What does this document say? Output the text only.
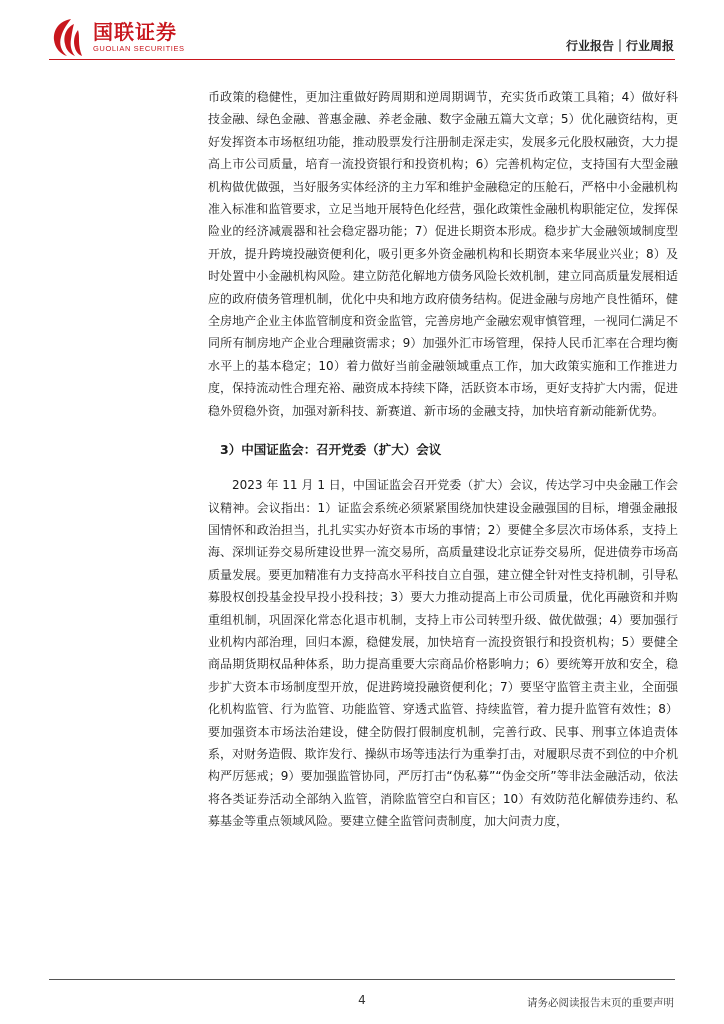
国联证券
GUOLIAN SECURITIES	行业报告｜行业周报

币政策的稳健性，更加注重做好跨周期和逆周期调节，充实货币政策工具箱；4）做好科技金融、绿色金融、普惠金融、养老金融、数字金融五篇大文章；5）优化融资结构，更好发挥资本市场枢纽功能，推动股票发行注册制走深走实，发展多元化股权融资，大力提高上市公司质量，培育一流投资银行和投资机构；6）完善机构定位，支持国有大型金融机构做优做强，当好服务实体经济的主力军和维护金融稳定的压舱石，严格中小金融机构准入标准和监管要求，立足当地开展特色化经营，强化政策性金融机构职能定位，发挥保险业的经济减震器和社会稳定器功能；7）促进长期资本形成。稳步扩大金融领域制度型开放，提升跨境投融资便利化，吸引更多外资金融机构和长期资本来华展业兴业；8）及时处置中小金融机构风险。建立防范化解地方债务风险长效机制，建立同高质量发展相适应的政府债务管理机制，优化中央和地方政府债务结构。促进金融与房地产良性循环，健全房地产企业主体监管制度和资金监管，完善房地产金融宏观审慎管理，一视同仁满足不同所有制房地产企业合理融资需求；9）加强外汇市场管理，保持人民币汇率在合理均衡水平上的基本稳定；10）着力做好当前金融领域重点工作，加大政策实施和工作推进力度，保持流动性合理充裕、融资成本持续下降，活跃资本市场，更好支持扩大内需，促进稳外贸稳外资，加强对新科技、新赛道、新市场的金融支持，加快培育新动能新优势。

3）中国证监会：召开党委（扩大）会议

2023 年 11 月 1 日，中国证监会召开党委（扩大）会议，传达学习中央金融工作会议精神。会议指出：1）证监会系统必须紧紧围绕加快建设金融强国的目标，增强金融报国情怀和政治担当，扎扎实实办好资本市场的事情；2）要健全多层次市场体系，支持上海、深圳证券交易所建设世界一流交易所，高质量建设北京证券交易所，促进债券市场高质量发展。要更加精准有力支持高水平科技自立自强，建立健全针对性支持机制，引导私募股权创投基金投早投小投科技；3）要大力推动提高上市公司质量，优化再融资和并购重组机制，巩固深化常态化退市机制，支持上市公司转型升级、做优做强；4）要加强行业机构内部治理，回归本源，稳健发展，加快培育一流投资银行和投资机构；5）要健全商品期货期权品种体系，助力提高重要大宗商品价格影响力；6）要统筹开放和安全，稳步扩大资本市场制度型开放，促进跨境投融资便利化；7）要坚守监管主责主业，全面强化机构监管、行为监管、功能监管、穿透式监管、持续监管，着力提升监管有效性；8）要加强资本市场法治建设，健全防假打假制度机制，完善行政、民事、刑事立体追责体系，对财务造假、欺诈发行、操纵市场等违法行为重拳打击，对履职尽责不到位的中介机构严厉惩戒；9）要加强监管协同，严厉打击“伪私募”“伪金交所”等非法金融活动，依法将各类证券活动全部纳入监管，消除监管空白和盲区；10）有效防范化解债券违约、私募基金等重点领域风险。要建立健全监管问责制度，加大问责力度，

4	请务必阅读报告末页的重要声明
